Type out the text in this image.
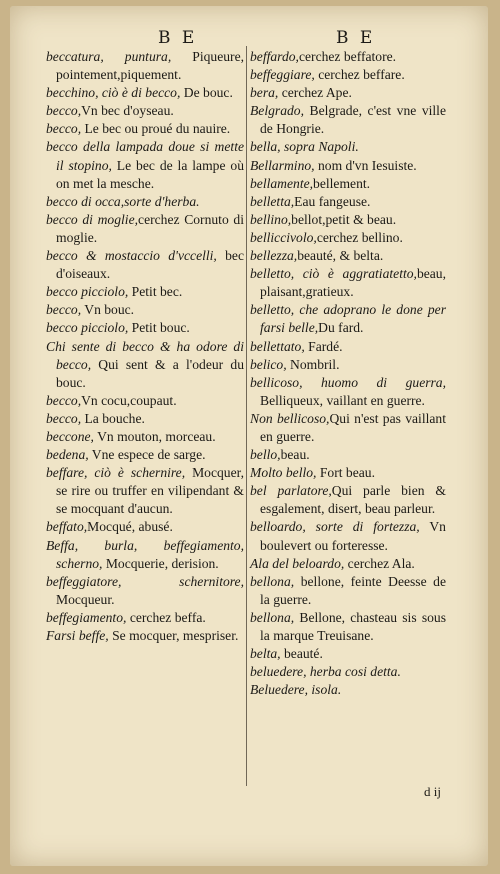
B E	B E

beccatura, puntura, Piqueure, pointement,piquement.

becchino, ciò è di becco, De bouc.

becco,Vn bec d'oyseau.

becco, Le bec ou proué du nauire.

becco della lampada doue si mette il stopino, Le bec de la lampe où on met la mesche.

becco di occa,sorte d'herba.

becco di moglie,cerchez Cornuto di moglie.

becco & mostaccio d'vccelli, bec d'oiseaux.

becco picciolo, Petit bec.

becco, Vn bouc.

becco picciolo, Petit bouc.

Chi sente di becco & ha odore di becco, Qui sent & a l'odeur du bouc.

becco,Vn cocu,coupaut.

becco, La bouche.

beccone, Vn mouton, morceau.

bedena, Vne espece de sarge.

beffare, ciò è schernire, Mocquer, se rire ou truffer en vilipendant & se mocquant d'aucun.

beffato,Mocqué, abusé.

Beffa, burla, beffegiamento, scherno, Mocquerie, derision.

beffeggiatore, schernitore, Mocqueur.

beffegiamento, cerchez beffa.

Farsi beffe, Se mocquer, mespriser.

beffardo,cerchez beffatore.

beffeggiare, cerchez beffare.

bera, cerchez Ape.

Belgrado, Belgrade, c'est vne ville de Hongrie.

bella, sopra Napoli.

Bellarmino, nom d'vn Iesuiste.

bellamente,bellement.

belletta,Eau fangeuse.

bellino,bellot,petit & beau.

belliccivolo,cerchez bellino.

bellezza,beauté, & belta.

belletto, ciò è aggratiatetto,beau, plaisant,gratieux.

belletto, che adoprano le done per farsi belle,Du fard.

bellettato, Fardé.

belico, Nombril.

bellicoso, huomo di guerra, Belliqueux, vaillant en guerre.

Non bellicoso,Qui n'est pas vaillant en guerre.

bello,beau.

Molto bello, Fort beau.

bel parlatore,Qui parle bien & esgalement, disert, beau parleur.

belloardo, sorte di fortezza, Vn boulevert ou forteresse.

Ala del beloardo, cerchez Ala.

bellona, bellone, feinte Deesse de la guerre.

bellona, Bellone, chasteau sis sous la marque Treuisane.

belta, beauté.

beluedere, herba cosi detta.

Beluedere, isola.

d ij
